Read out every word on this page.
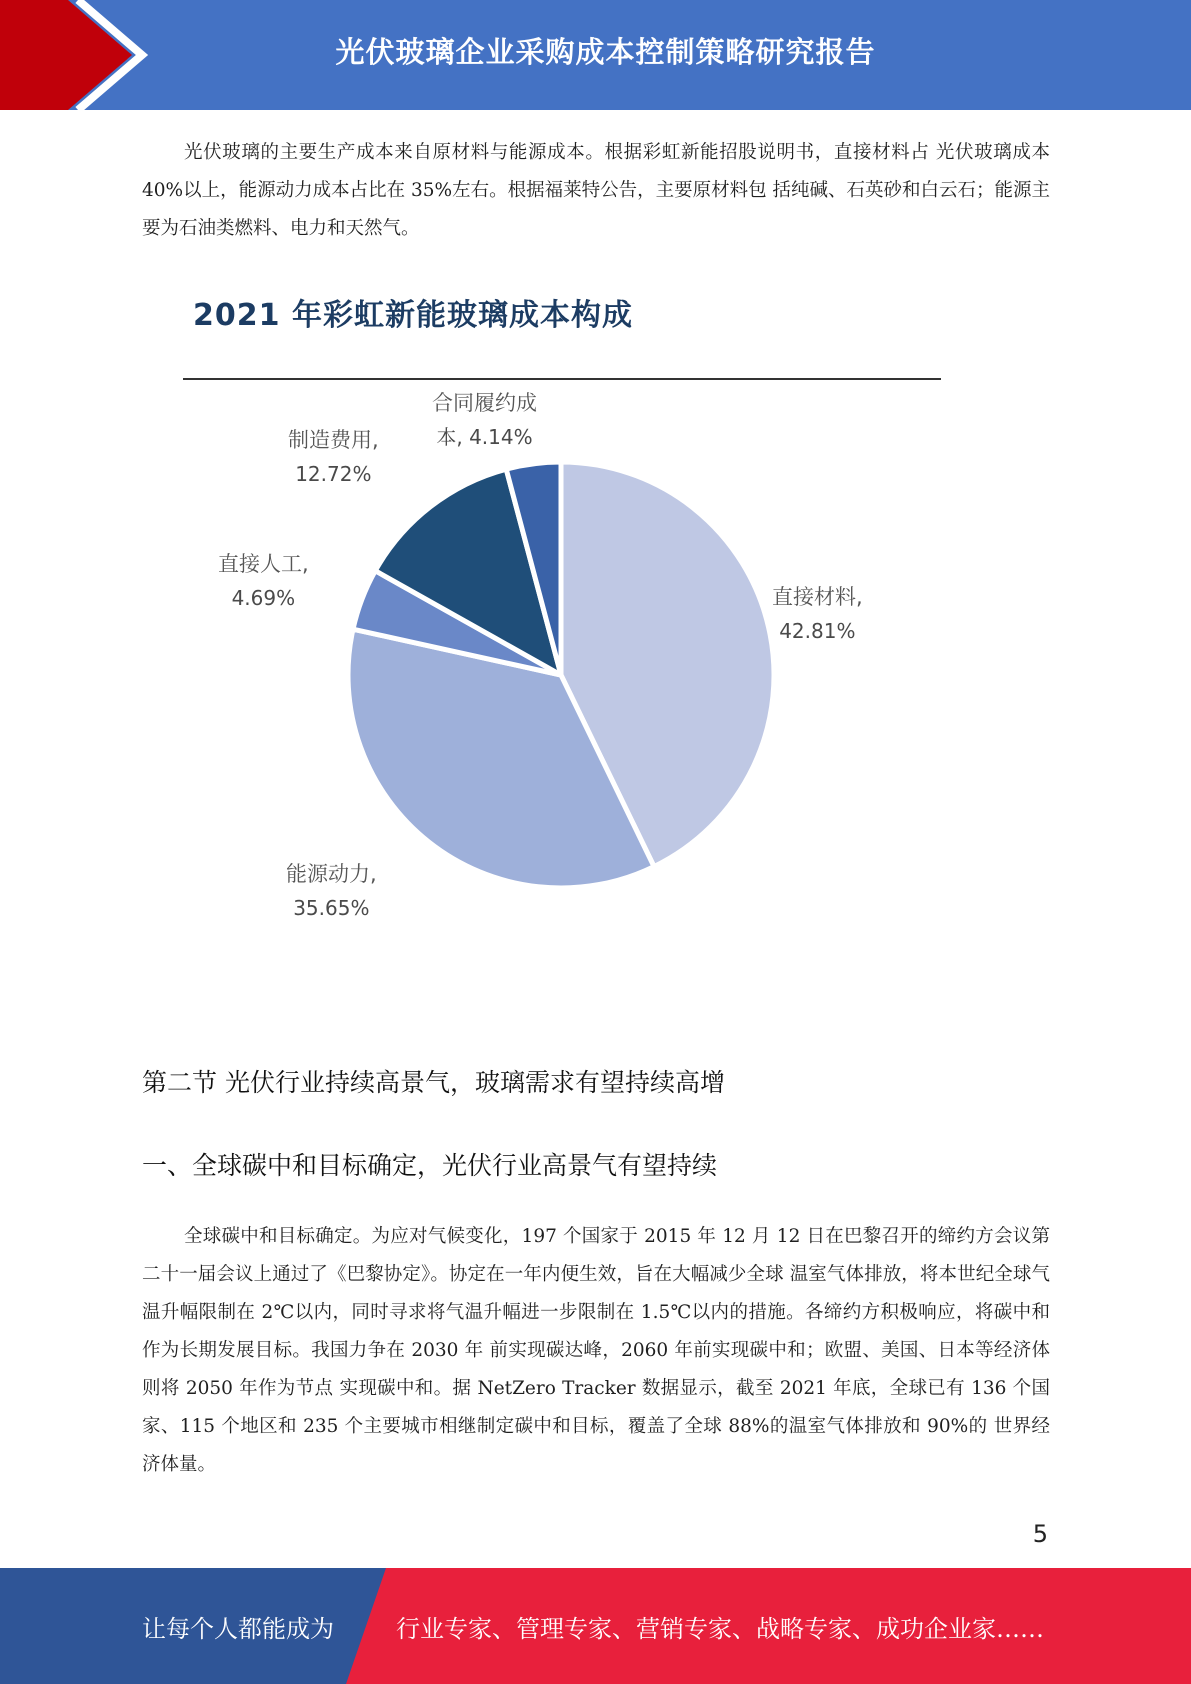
光伏玻璃企业采购成本控制策略研究报告

光伏玻璃的主要生产成本来自原材料与能源成本。根据彩虹新能招股说明书，直接材料占 光伏玻璃成本 40%以上，能源动力成本占比在 35%左右。根据福莱特公告，主要原材料包 括纯碱、石英砂和白云石；能源主要为石油类燃料、电力和天然气。

2021 年彩虹新能玻璃成本构成
直接材料,
42.81%
能源动力,
35.65%
直接人工,
4.69%
制造费用,
12.72%
合同履约成
本, 4.14%
第二节 光伏行业持续高景气，玻璃需求有望持续高增
一、全球碳中和目标确定，光伏行业高景气有望持续

全球碳中和目标确定。为应对气候变化，197 个国家于 2015 年 12 月 12 日在巴黎召开的缔约方会议第二十一届会议上通过了《巴黎协定》。协定在一年内便生效，旨在大幅减少全球 温室气体排放，将本世纪全球气温升幅限制在 2℃以内，同时寻求将气温升幅进一步限制在 1.5℃以内的措施。各缔约方积极响应，将碳中和作为长期发展目标。我国力争在 2030 年 前实现碳达峰，2060 年前实现碳中和；欧盟、美国、日本等经济体则将 2050 年作为节点 实现碳中和。据 NetZero Tracker 数据显示，截至 2021 年底，全球已有 136 个国家、115 个地区和 235 个主要城市相继制定碳中和目标，覆盖了全球 88%的温室气体排放和 90%的 世界经济体量。

5
让每个人都能成为	行业专家、管理专家、营销专家、战略专家、成功企业家……
